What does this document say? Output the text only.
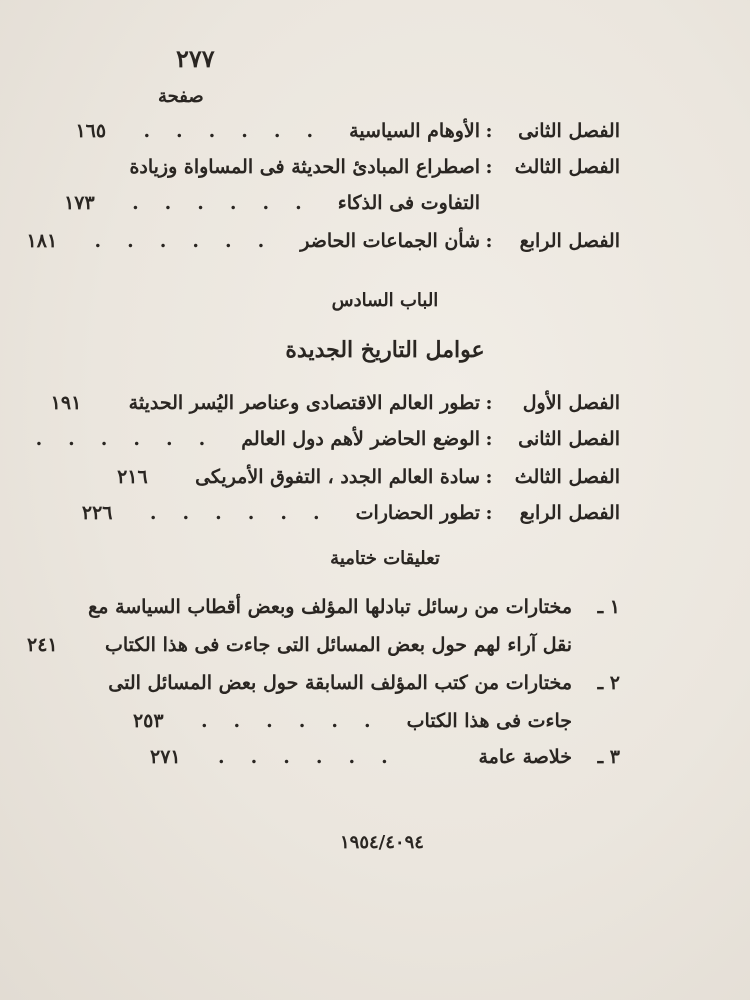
٢٧٧
صفحة
الفصل الثانى
:
الأوهام السياسية
......
١٦٥
الفصل الثالث
:
اصطراع المبادئ الحديثة فى المساواة وزيادة
التفاوت فى الذكاء
......
١٧٣
الفصل الرابع
:
شأن الجماعات الحاضر
......
١٨١
الباب السادس
عوامل التاريخ الجديدة
الفصل الأول
:
تطور العالم الاقتصادى وعناصر اليُسر الحديثة
١٩١
الفصل الثانى
:
الوضع الحاضر لأهم دول العالم
......
الفصل الثالث
:
سادة العالم الجدد ، التفوق الأمريكى
٢١٦
الفصل الرابع
:
تطور الحضارات
......
٢٢٦
تعليقات ختامية
١ ـ
مختارات من رسائل تبادلها المؤلف وبعض أقطاب السياسة مع
نقل آراء لهم حول بعض المسائل التى جاءت فى هذا الكتاب
٢٤١
٢ ـ
مختارات من كتب المؤلف السابقة حول بعض المسائل التى
جاءت فى هذا الكتاب
......
٢٥٣
٣ ـ
خلاصة عامة
......
٢٧١
١٩٥٤/٤٠٩٤
